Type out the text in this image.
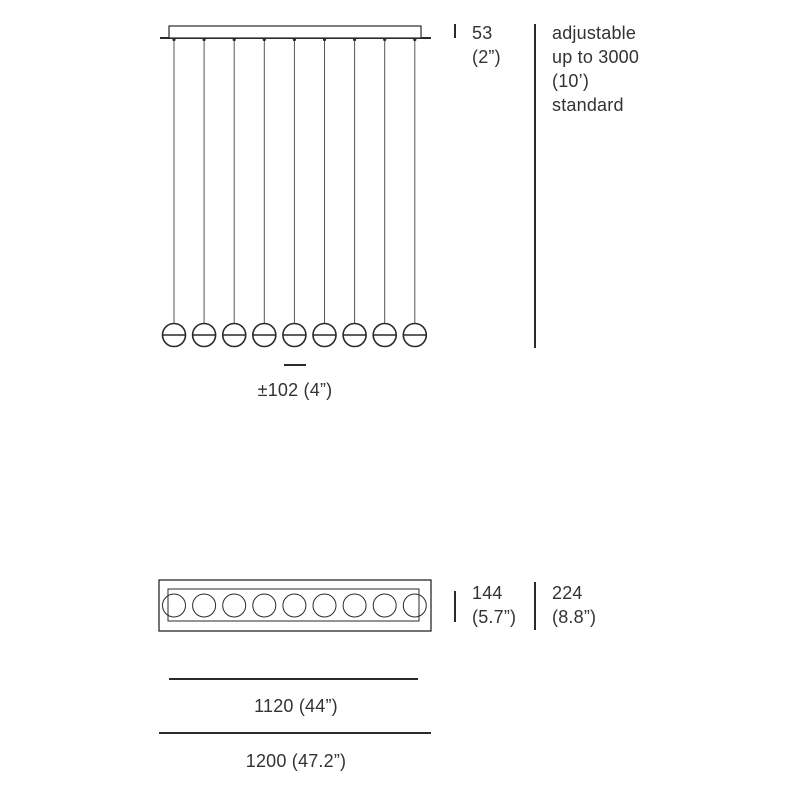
53
(2”)
adjustable
up to 3000
(10’)
standard
±102 (4”)
144
(5.7”)
224
(8.8”)
1120 (44”)
1200 (47.2”)
